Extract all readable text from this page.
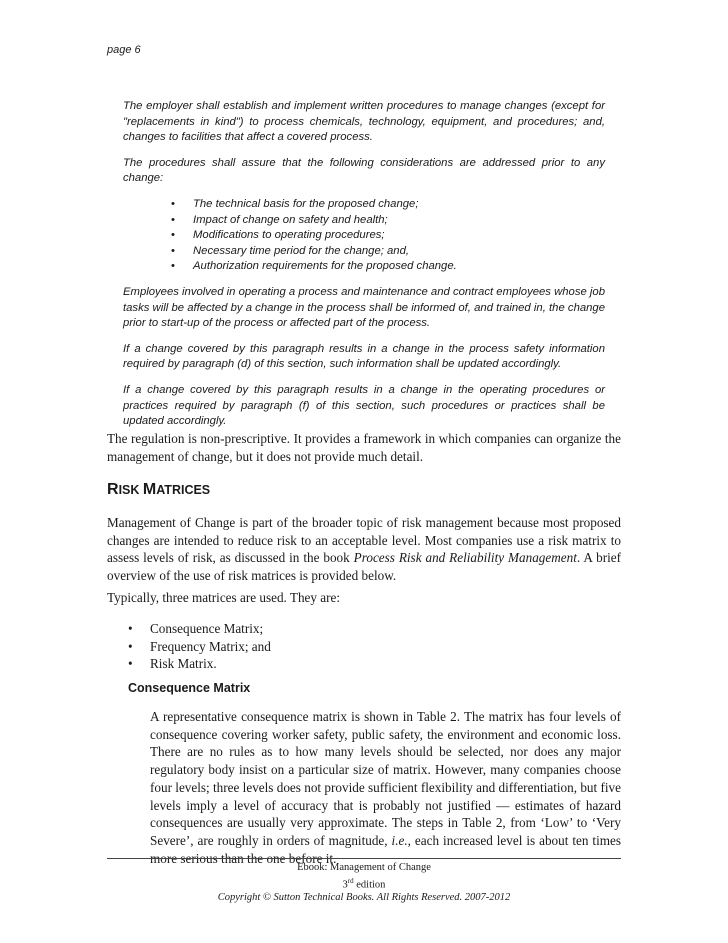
page 6

The employer shall establish and implement written procedures to manage changes (except for "replacements in kind") to process chemicals, technology, equipment, and procedures; and, changes to facilities that affect a covered process.

The procedures shall assure that the following considerations are addressed prior to any change:

• The technical basis for the proposed change;
• Impact of change on safety and health;
• Modifications to operating procedures;
• Necessary time period for the change; and,
• Authorization requirements for the proposed change.

Employees involved in operating a process and maintenance and contract employees whose job tasks will be affected by a change in the process shall be informed of, and trained in, the change prior to start-up of the process or affected part of the process.

If a change covered by this paragraph results in a change in the process safety information required by paragraph (d) of this section, such information shall be updated accordingly.

If a change covered by this paragraph results in a change in the operating procedures or practices required by paragraph (f) of this section, such procedures or practices shall be updated accordingly.

The regulation is non-prescriptive. It provides a framework in which companies can organize the management of change, but it does not provide much detail.
RISK MATRICES
Management of Change is part of the broader topic of risk management because most proposed changes are intended to reduce risk to an acceptable level. Most companies use a risk matrix to assess levels of risk, as discussed in the book Process Risk and Reliability Management. A brief overview of the use of risk matrices is provided below.
Typically, three matrices are used. They are:
• Consequence Matrix;
• Frequency Matrix; and
• Risk Matrix.
Consequence Matrix
A representative consequence matrix is shown in Table 2. The matrix has four levels of consequence covering worker safety, public safety, the environment and economic loss. There are no rules as to how many levels should be selected, nor does any major regulatory body insist on a particular size of matrix. However, many companies choose four levels; three levels does not provide sufficient flexibility and differentiation, but five levels imply a level of accuracy that is probably not justified — estimates of hazard consequences are usually very approximate. The steps in Table 2, from ‘Low’ to ‘Very Severe’, are roughly in orders of magnitude, i.e., each increased level is about ten times more serious than the one before it.
Ebook: Management of Change
3rd edition
Copyright © Sutton Technical Books. All Rights Reserved. 2007-2012
